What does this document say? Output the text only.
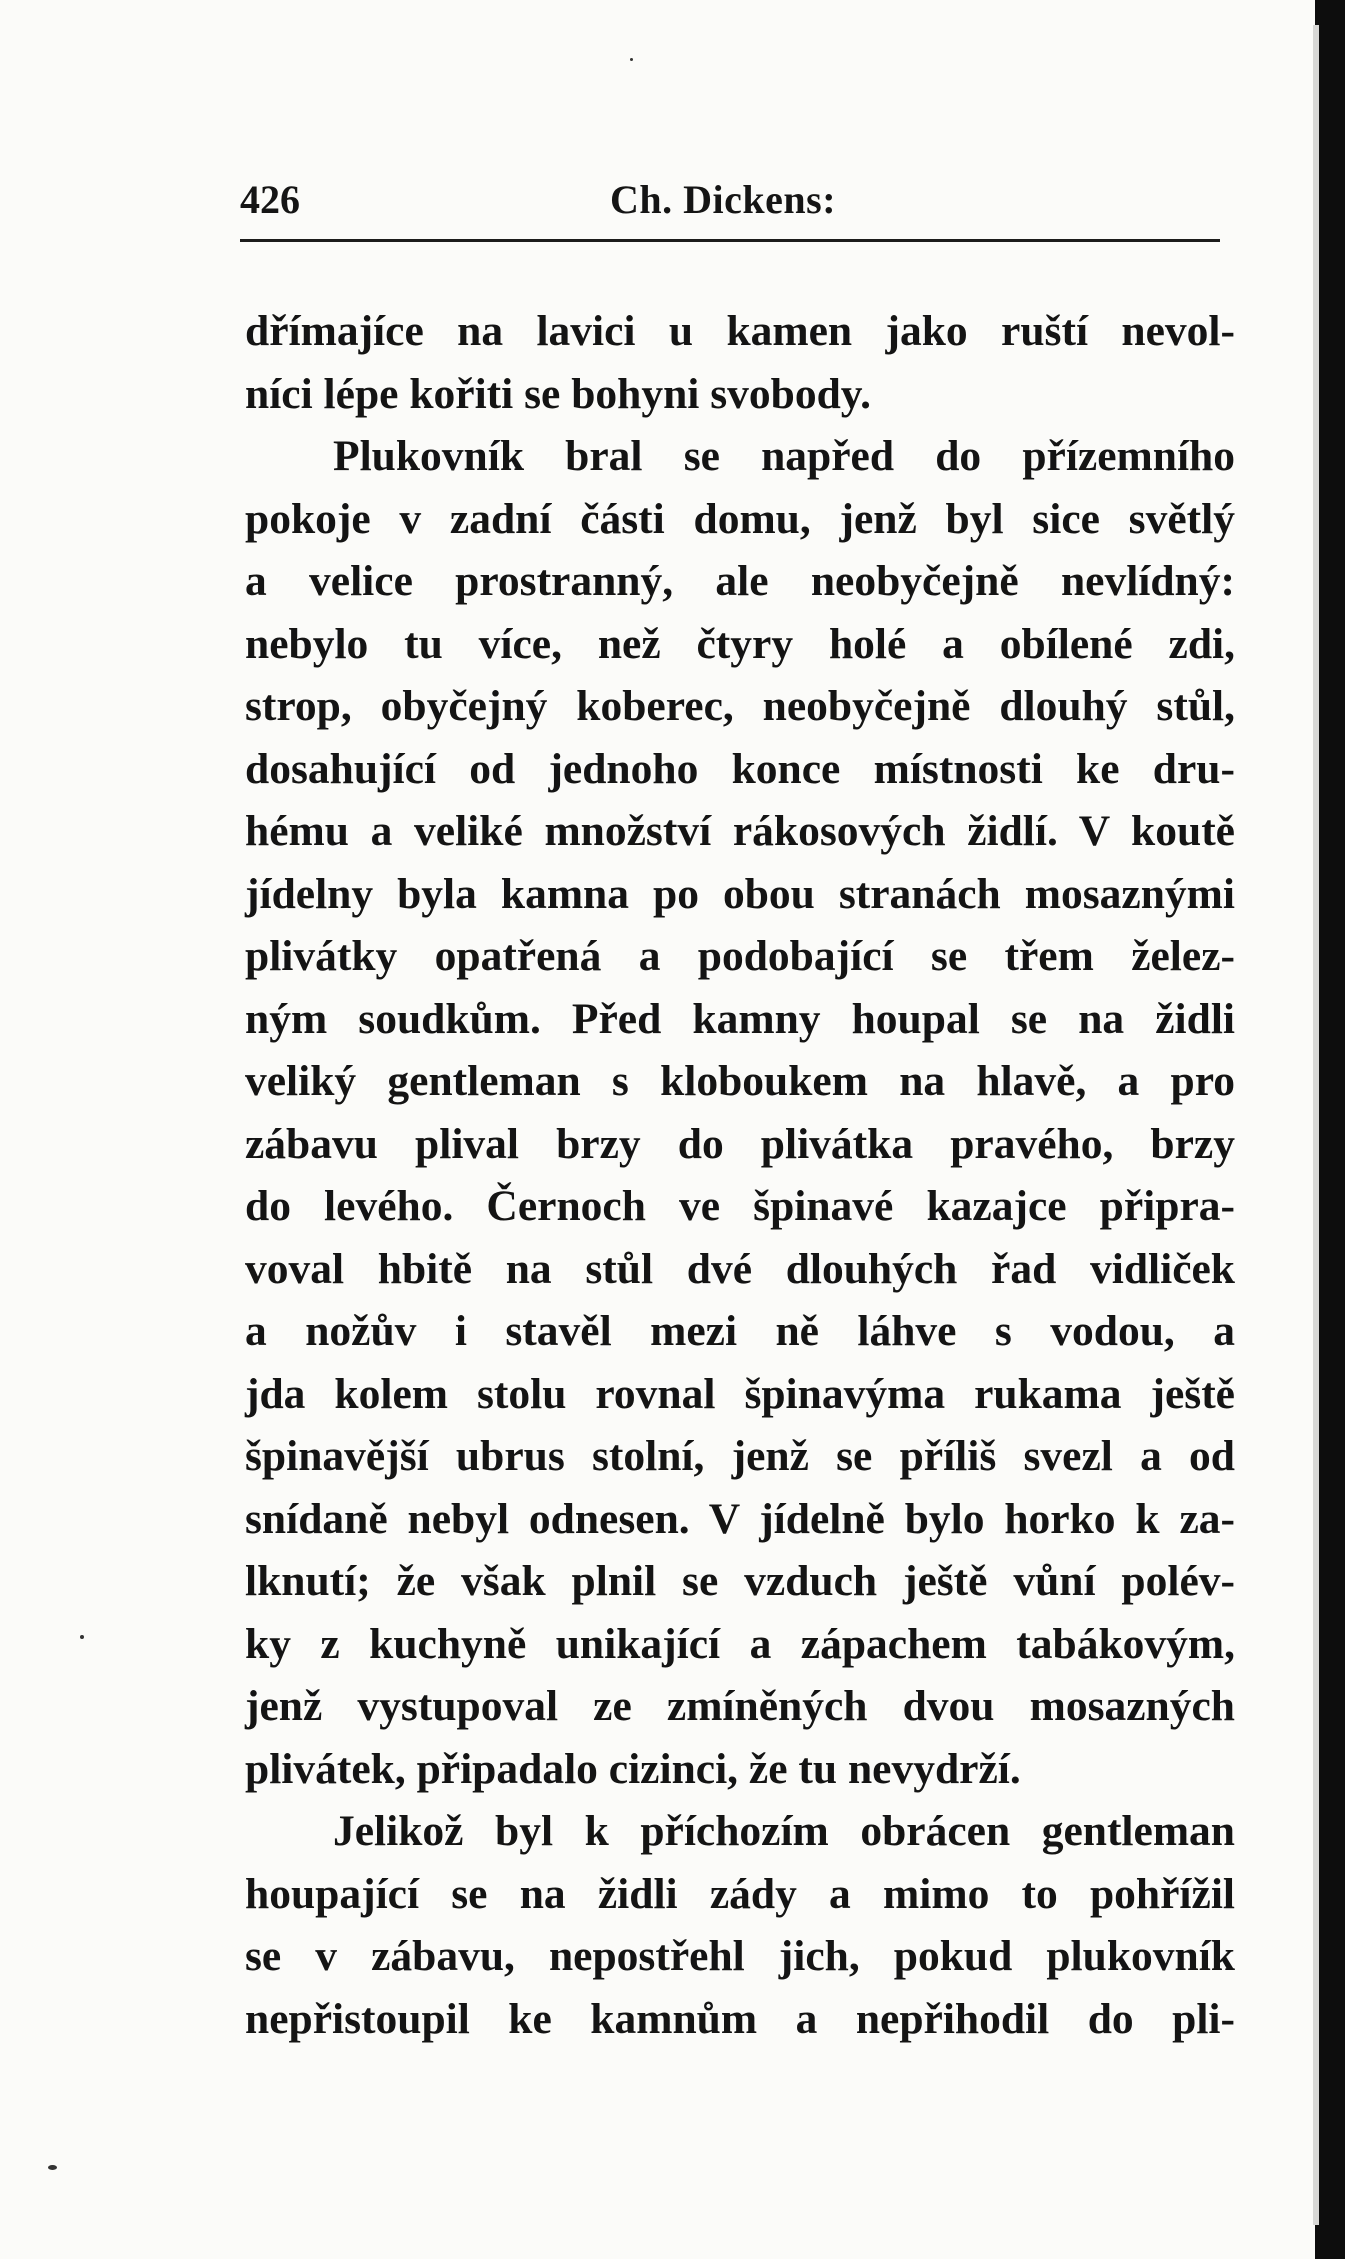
426	Ch. Dickens:
dřímajíce na lavici u kamen jako ruští nevol-
níci lépe kořiti se bohyni svobody.
Plukovník bral se napřed do přízemního
pokoje v zadní části domu, jenž byl sice světlý
a velice prostranný, ale neobyčejně nevlídný:
nebylo tu více, než čtyry holé a obílené zdi,
strop, obyčejný koberec, neobyčejně dlouhý stůl,
dosahující od jednoho konce místnosti ke dru-
hému a veliké množství rákosových židlí. V koutě
jídelny byla kamna po obou stranách mosaznými
plivátky opatřená a podobající se třem želez-
ným soudkům. Před kamny houpal se na židli
veliký gentleman s kloboukem na hlavě, a pro
zábavu plival brzy do plivátka pravého, brzy
do levého. Černoch ve špinavé kazajce připra-
voval hbitě na stůl dvé dlouhých řad vidliček
a nožův i stavěl mezi ně láhve s vodou, a
jda kolem stolu rovnal špinavýma rukama ještě
špinavější ubrus stolní, jenž se příliš svezl a od
snídaně nebyl odnesen. V jídelně bylo horko k za-
lknutí; že však plnil se vzduch ještě vůní polév-
ky z kuchyně unikající a zápachem tabákovým,
jenž vystupoval ze zmíněných dvou mosazných
plivátek, připadalo cizinci, že tu nevydrží.
Jelikož byl k příchozím obrácen gentleman
houpající se na židli zády a mimo to pohřížil
se v zábavu, nepostřehl jich, pokud plukovník
nepřistoupil ke kamnům a nepřihodil do pli-
